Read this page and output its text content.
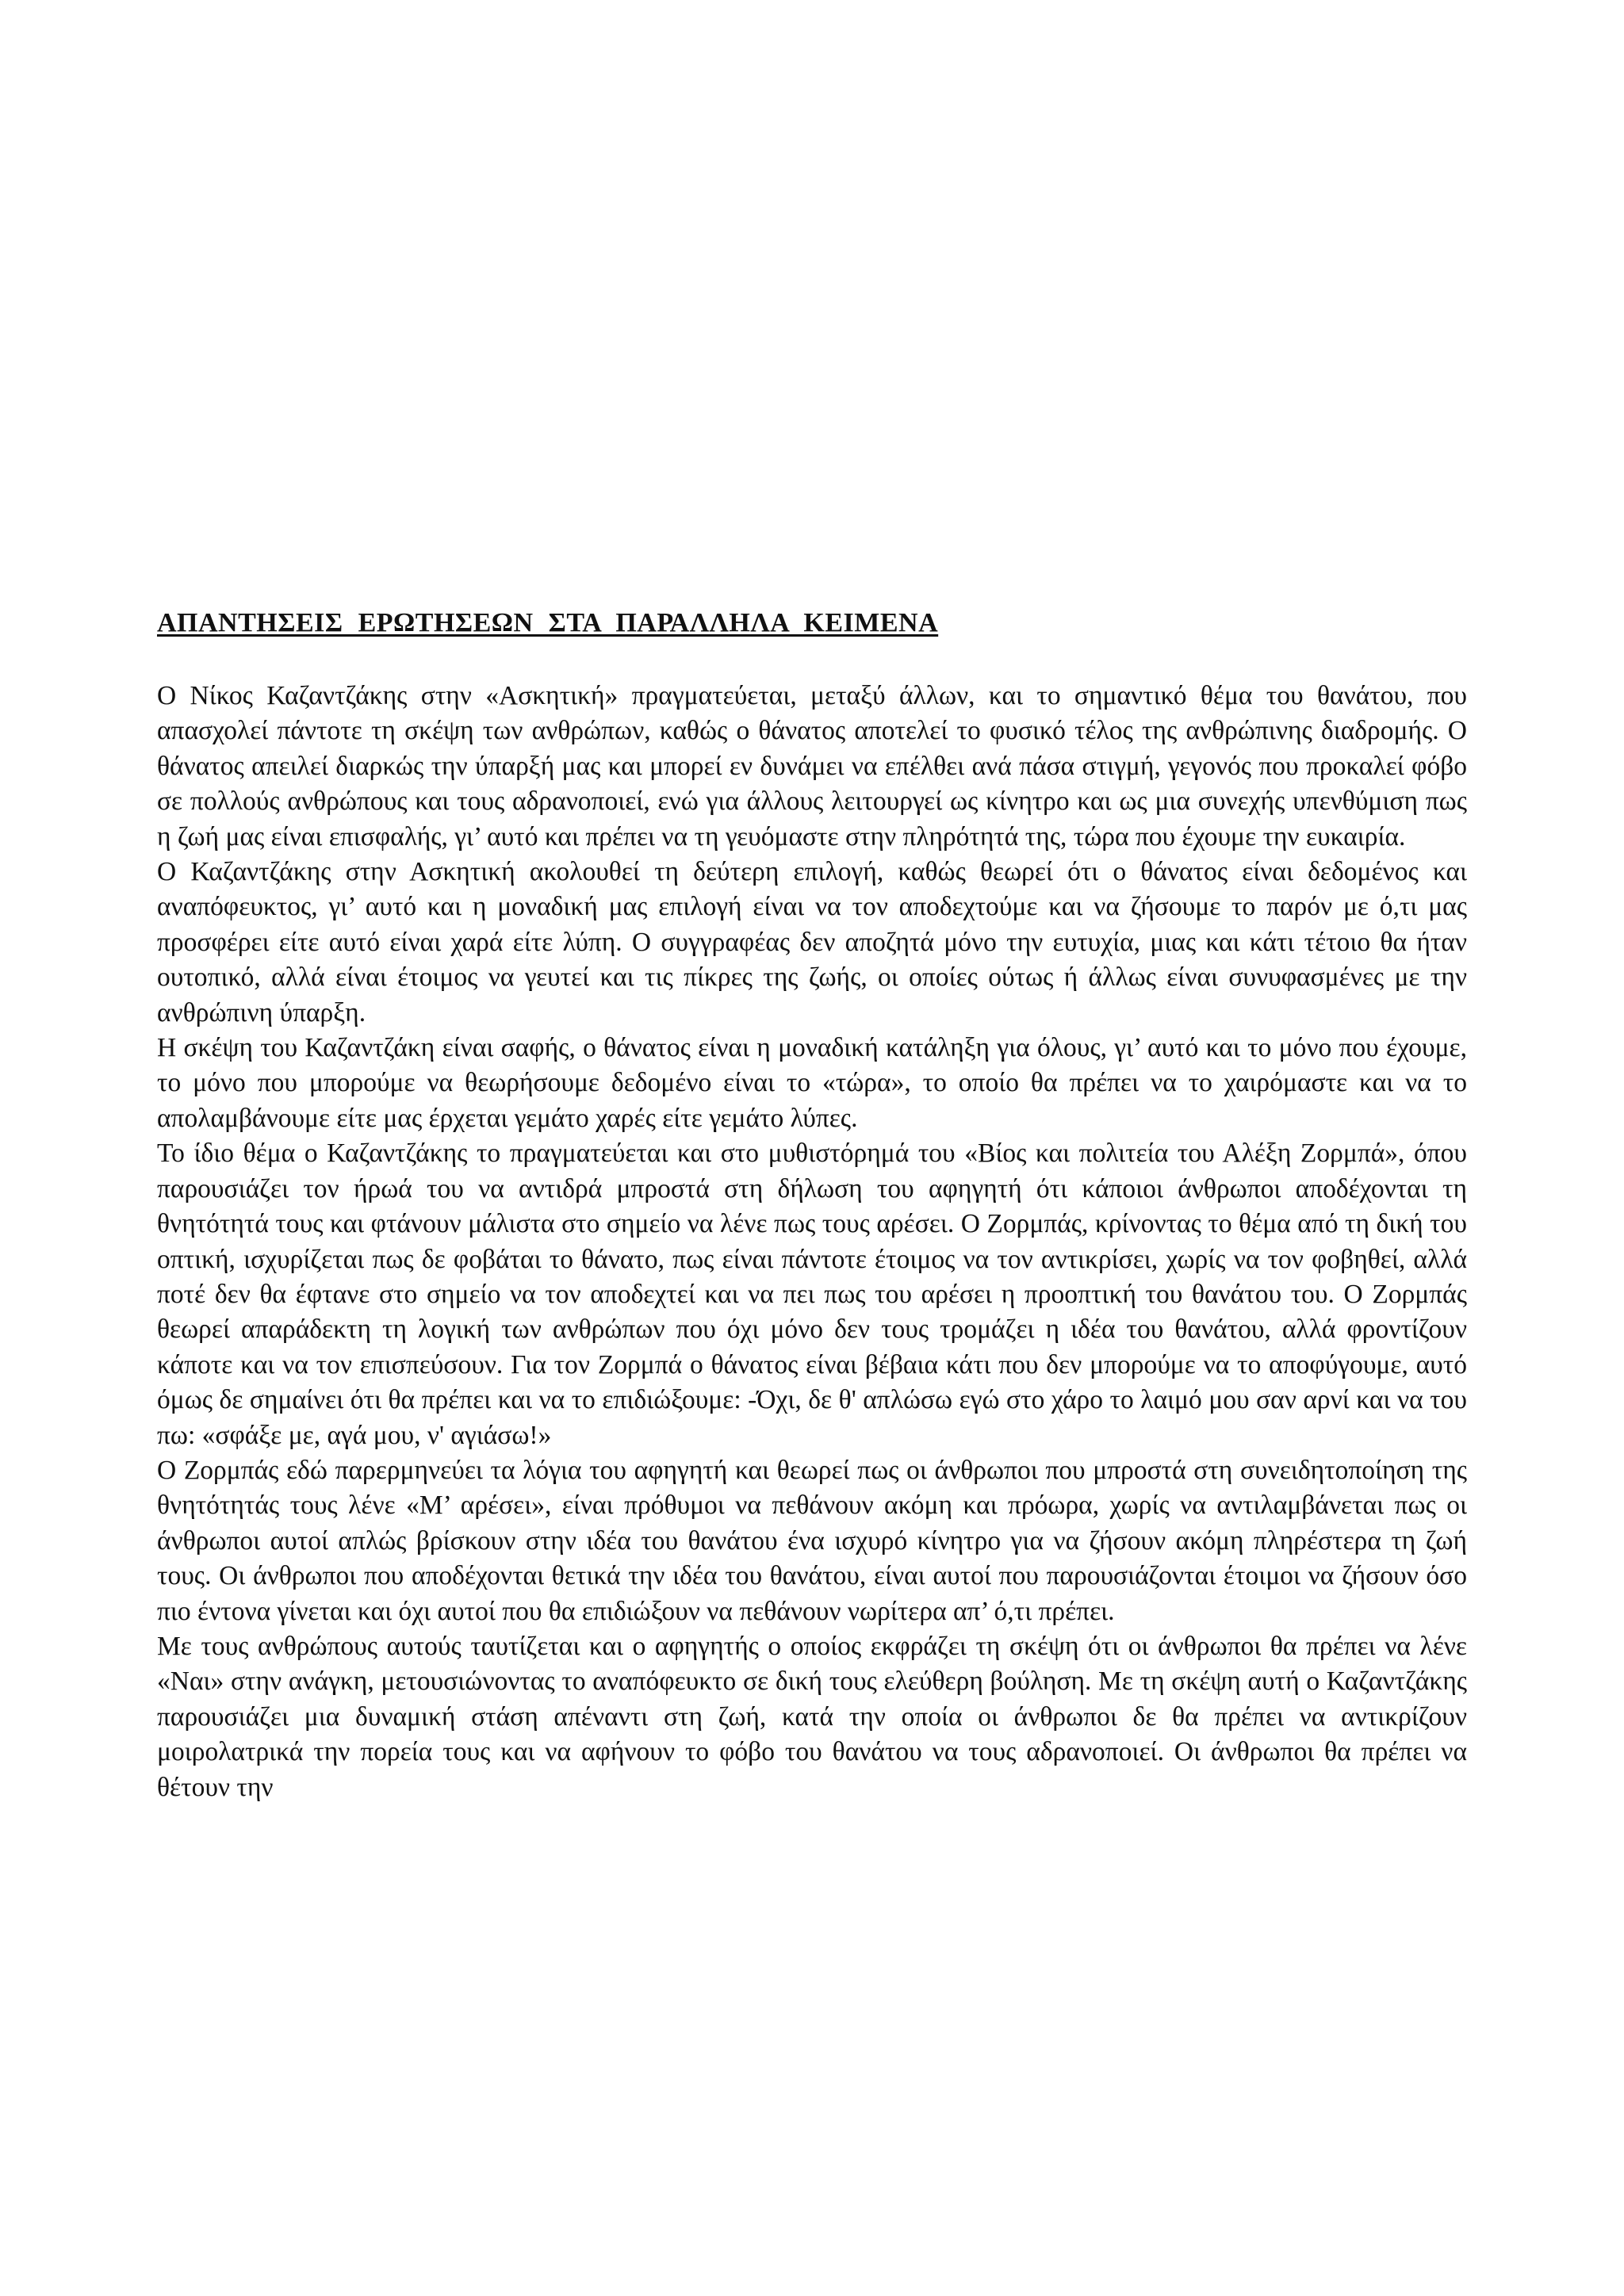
ΑΠΑΝΤΗΣΕΙΣ ΕΡΩΤΗΣΕΩΝ ΣΤΑ ΠΑΡΑΛΛΗΛΑ ΚΕΙΜΕΝΑ

Ο Νίκος Καζαντζάκης στην «Ασκητική» πραγματεύεται, μεταξύ άλλων, και το σημαντικό θέμα του θανάτου, που απασχολεί πάντοτε τη σκέψη των ανθρώπων, καθώς ο θάνατος αποτελεί το φυσικό τέλος της ανθρώπινης διαδρομής. Ο θάνατος απειλεί διαρκώς την ύπαρξή μας και μπορεί εν δυνάμει να επέλθει ανά πάσα στιγμή, γεγονός που προκαλεί φόβο σε πολλούς ανθρώπους και τους αδρανοποιεί, ενώ για άλλους λειτουργεί ως κίνητρο και ως μια συνεχής υπενθύμιση πως η ζωή μας είναι επισφαλής, γι’ αυτό και πρέπει να τη γευόμαστε στην πληρότητά της, τώρα που έχουμε την ευκαιρία.

Ο Καζαντζάκης στην Ασκητική ακολουθεί τη δεύτερη επιλογή, καθώς θεωρεί ότι ο θάνατος είναι δεδομένος και αναπόφευκτος, γι’ αυτό και η μοναδική μας επιλογή είναι να τον αποδεχτούμε και να ζήσουμε το παρόν με ό,τι μας προσφέρει είτε αυτό είναι χαρά είτε λύπη. Ο συγγραφέας δεν αποζητά μόνο την ευτυχία, μιας και κάτι τέτοιο θα ήταν ουτοπικό, αλλά είναι έτοιμος να γευτεί και τις πίκρες της ζωής, οι οποίες ούτως ή άλλως είναι συνυφασμένες με την ανθρώπινη ύπαρξη.

Η σκέψη του Καζαντζάκη είναι σαφής, ο θάνατος είναι η μοναδική κατάληξη για όλους, γι’ αυτό και το μόνο που έχουμε, το μόνο που μπορούμε να θεωρήσουμε δεδομένο είναι το «τώρα», το οποίο θα πρέπει να το χαιρόμαστε και να το απολαμβάνουμε είτε μας έρχεται γεμάτο χαρές είτε γεμάτο λύπες.

Το ίδιο θέμα ο Καζαντζάκης το πραγματεύεται και στο μυθιστόρημά του «Βίος και πολιτεία του Αλέξη Ζορμπά», όπου παρουσιάζει τον ήρωά του να αντιδρά μπροστά στη δήλωση του αφηγητή ότι κάποιοι άνθρωποι αποδέχονται τη θνητότητά τους και φτάνουν μάλιστα στο σημείο να λένε πως τους αρέσει. Ο Ζορμπάς, κρίνοντας το θέμα από τη δική του οπτική, ισχυρίζεται πως δε φοβάται το θάνατο, πως είναι πάντοτε έτοιμος να τον αντικρίσει, χωρίς να τον φοβηθεί, αλλά ποτέ δεν θα έφτανε στο σημείο να τον αποδεχτεί και να πει πως του αρέσει η προοπτική του θανάτου του. Ο Ζορμπάς θεωρεί απαράδεκτη τη λογική των ανθρώπων που όχι μόνο δεν τους τρομάζει η ιδέα του θανάτου, αλλά φροντίζουν κάποτε και να τον επισπεύσουν. Για τον Ζορμπά ο θάνατος είναι βέβαια κάτι που δεν μπορούμε να το αποφύγουμε, αυτό όμως δε σημαίνει ότι θα πρέπει και να το επιδιώξουμε: -Όχι, δε θ' απλώσω εγώ στο χάρο το λαιμό μου σαν αρνί και να του πω: «σφάξε με, αγά μου, ν' αγιάσω!»

Ο Ζορμπάς εδώ παρερμηνεύει τα λόγια του αφηγητή και θεωρεί πως οι άνθρωποι που μπροστά στη συνειδητοποίηση της θνητότητάς τους λένε «Μ’ αρέσει», είναι πρόθυμοι να πεθάνουν ακόμη και πρόωρα, χωρίς να αντιλαμβάνεται πως οι άνθρωποι αυτοί απλώς βρίσκουν στην ιδέα του θανάτου ένα ισχυρό κίνητρο για να ζήσουν ακόμη πληρέστερα τη ζωή τους. Οι άνθρωποι που αποδέχονται θετικά την ιδέα του θανάτου, είναι αυτοί που παρουσιάζονται έτοιμοι να ζήσουν όσο πιο έντονα γίνεται και όχι αυτοί που θα επιδιώξουν να πεθάνουν νωρίτερα απ’ ό,τι πρέπει.

Με τους ανθρώπους αυτούς ταυτίζεται και ο αφηγητής ο οποίος εκφράζει τη σκέψη ότι οι άνθρωποι θα πρέπει να λένε «Ναι» στην ανάγκη, μετουσιώνοντας το αναπόφευκτο σε δική τους ελεύθερη βούληση. Με τη σκέψη αυτή ο Καζαντζάκης παρουσιάζει μια δυναμική στάση απέναντι στη ζωή, κατά την οποία οι άνθρωποι δε θα πρέπει να αντικρίζουν μοιρολατρικά την πορεία τους και να αφήνουν το φόβο του θανάτου να τους αδρανοποιεί. Οι άνθρωποι θα πρέπει να θέτουν την
